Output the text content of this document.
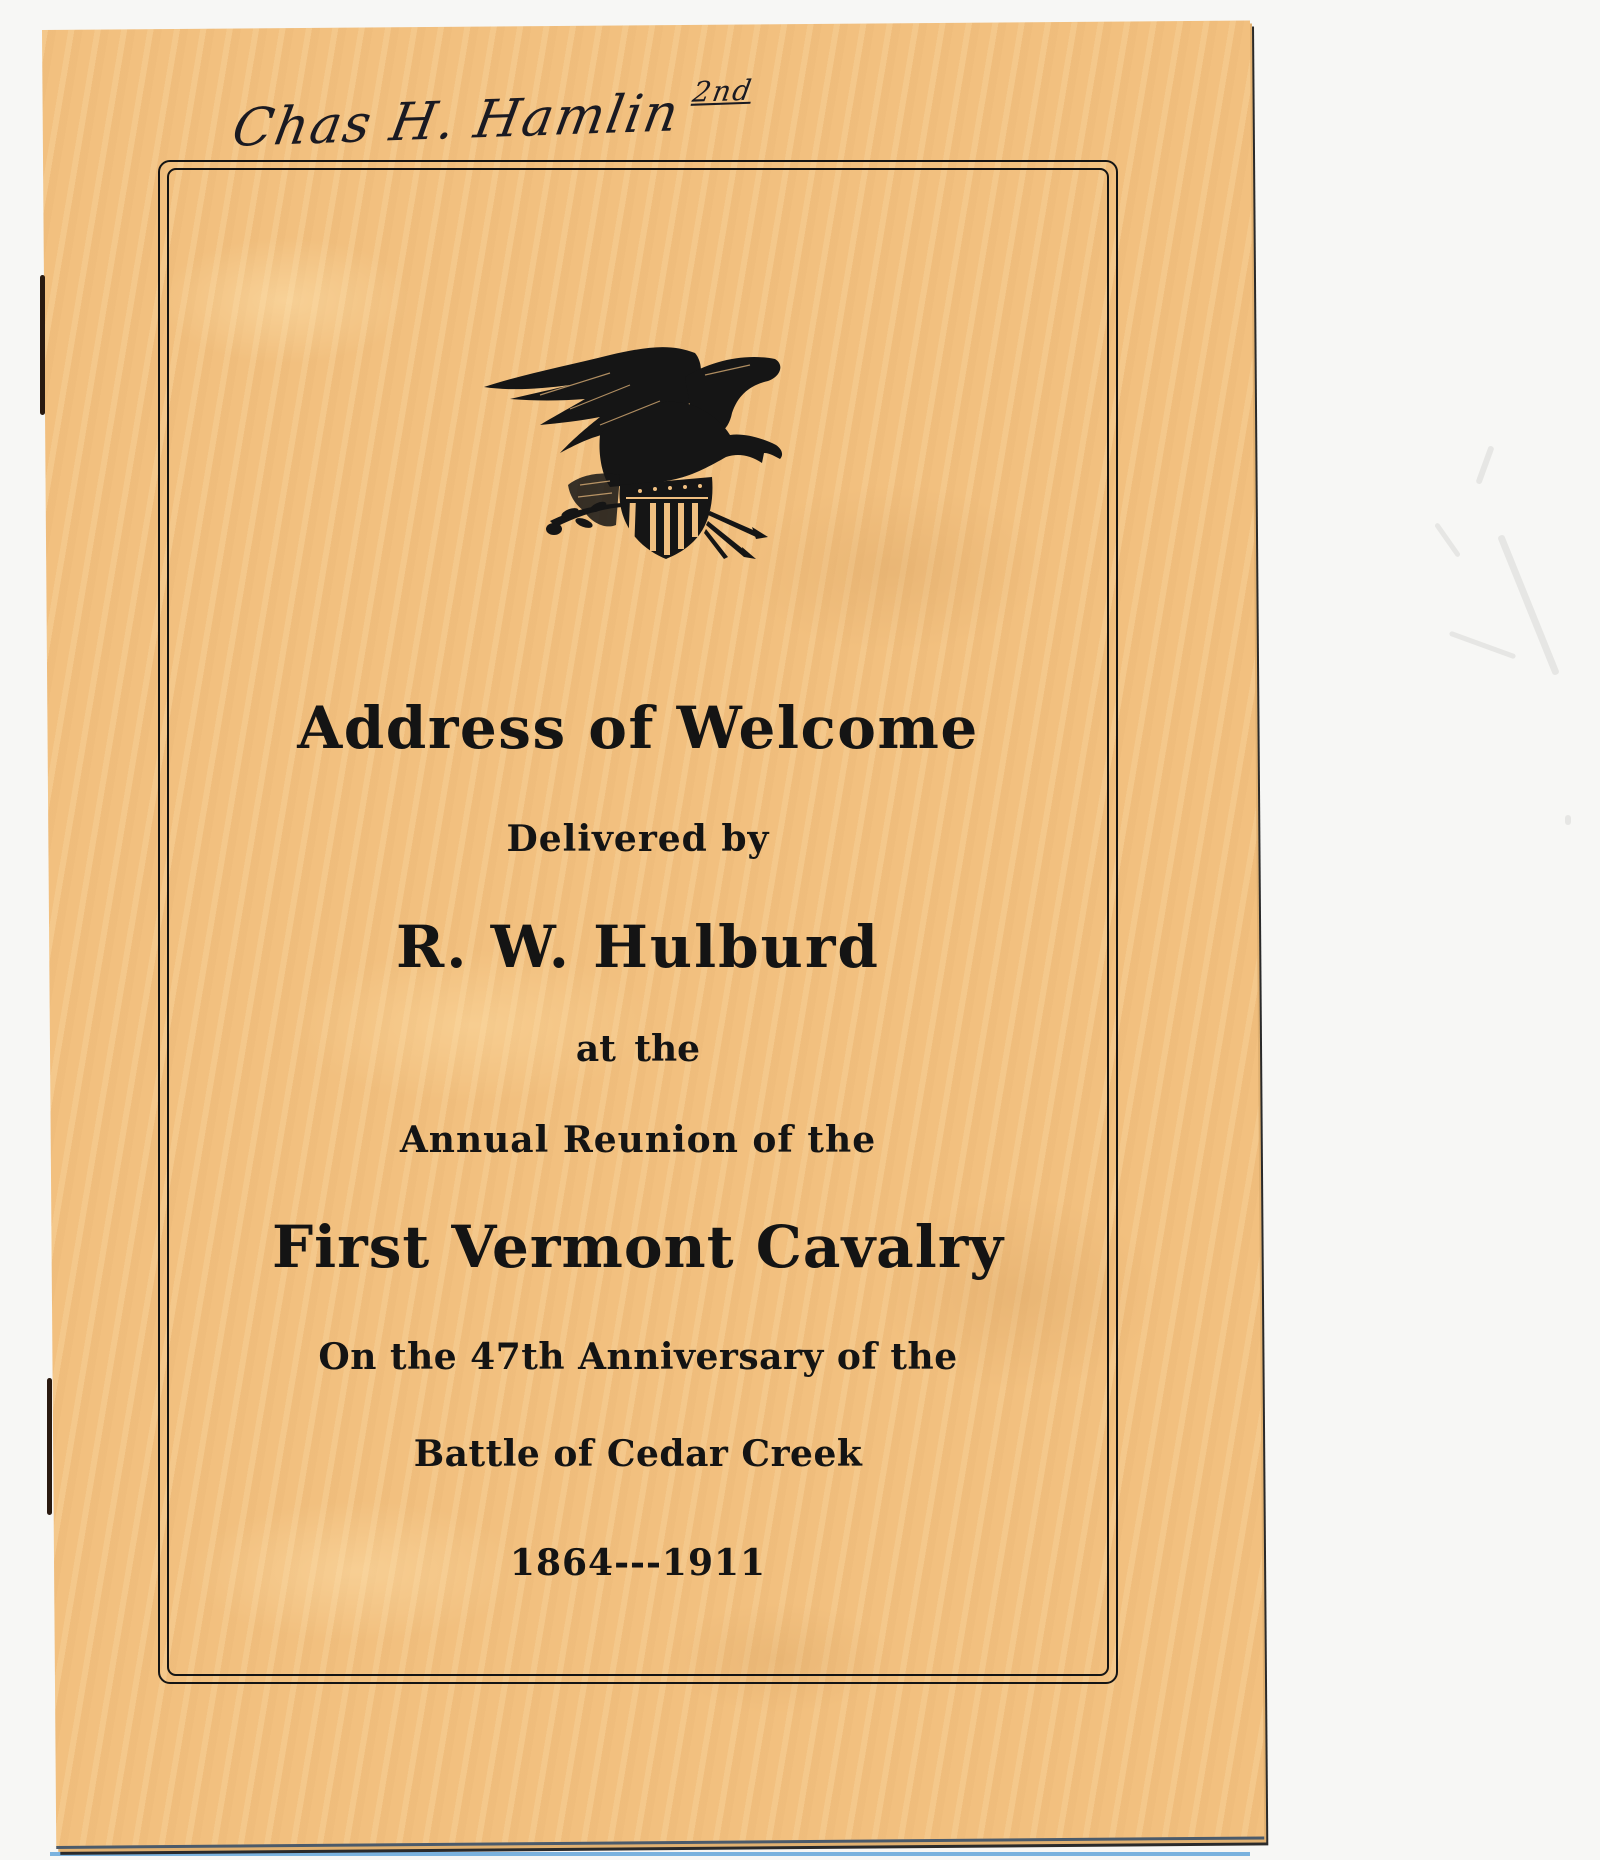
Chas H. Hamlin $^{2nd}$
Address of Welcome
Delivered by
R. W. Hulburd
at the
Annual Reunion of the
First Vermont Cavalry
On the 47th Anniversary of the
Battle of Cedar Creek
1864---1911
